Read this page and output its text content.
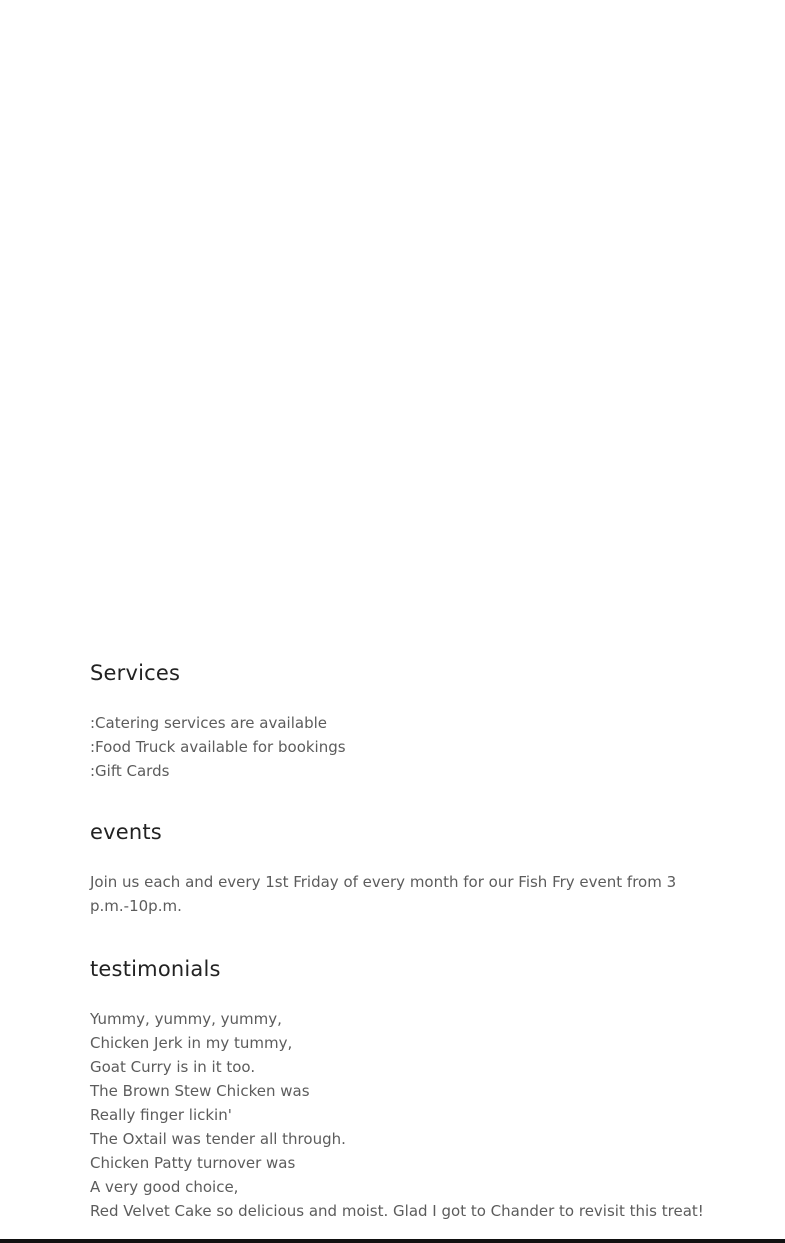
Services
:Catering services are available
:Food Truck available for bookings
:Gift Cards
events
Join us each and every 1st Friday of every month for our Fish Fry event from 3 p.m.-10p.m.
testimonials
Yummy, yummy, yummy,
Chicken Jerk in my tummy,
Goat Curry is in it too.
The Brown Stew Chicken was
Really finger lickin'
The Oxtail was tender all through.
Chicken Patty turnover was
A very good choice,
Red Velvet Cake so delicious and moist. Glad I got to Chander to revisit this treat!
